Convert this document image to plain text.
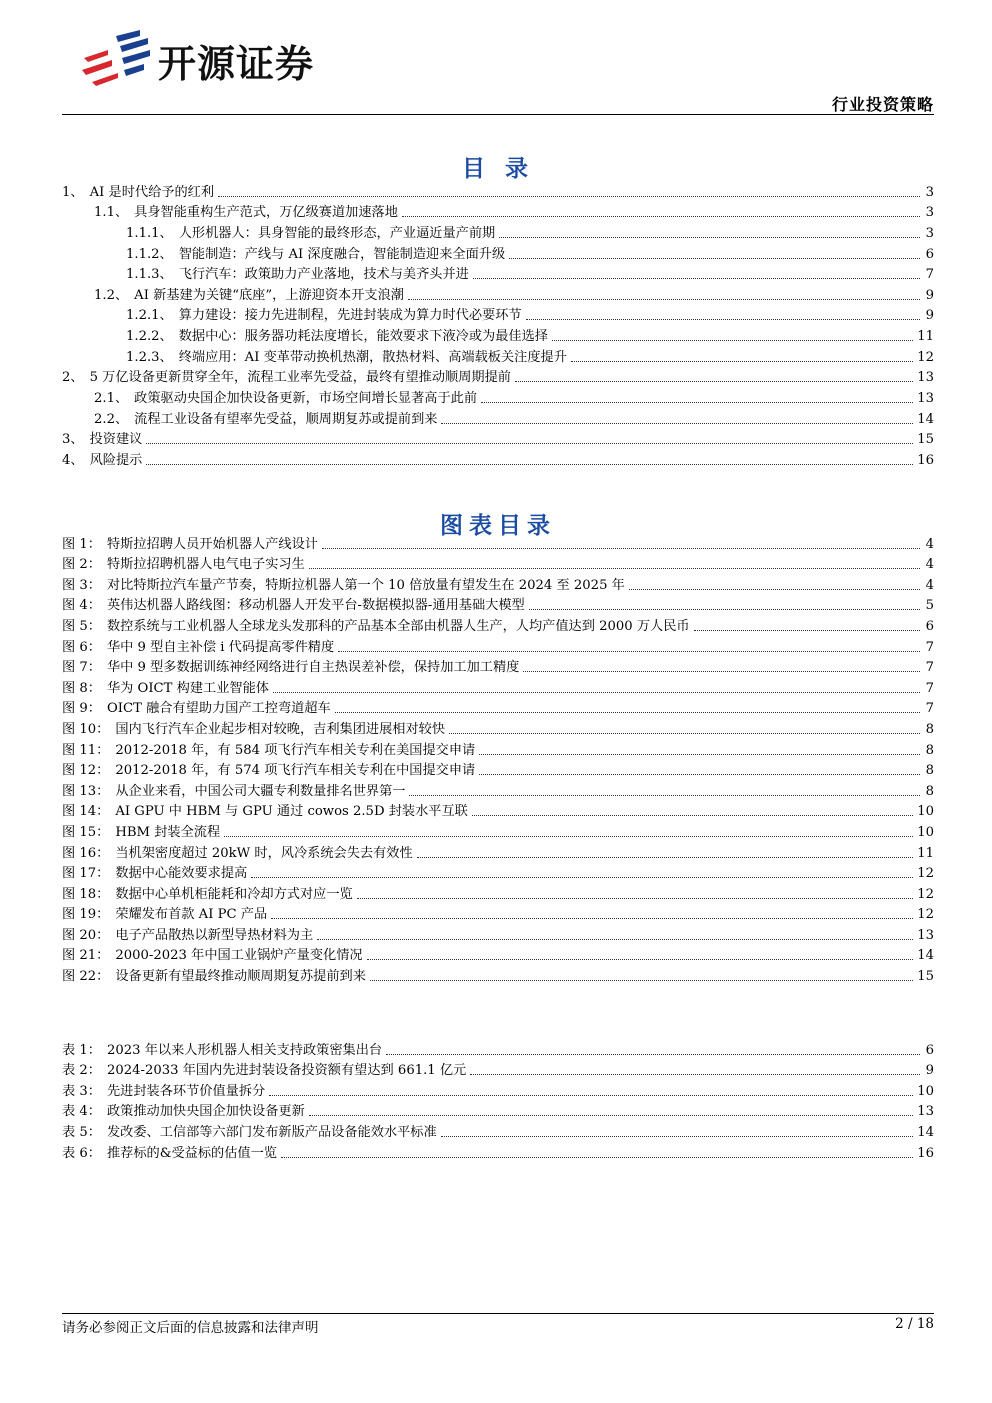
开源证券
行业投资策略
目 录
1、 AI 是时代给予的红利	3
1.1、 具身智能重构生产范式，万亿级赛道加速落地	3
1.1.1、 人形机器人：具身智能的最终形态，产业逼近量产前期	3
1.1.2、 智能制造：产线与 AI 深度融合，智能制造迎来全面升级	6
1.1.3、 飞行汽车：政策助力产业落地，技术与美齐头并进	7
1.2、 AI 新基建为关键“底座”，上游迎资本开支浪潮	9
1.2.1、 算力建设：接力先进制程，先进封装成为算力时代必要环节	9
1.2.2、 数据中心：服务器功耗法度增长，能效要求下液冷或为最佳选择	11
1.2.3、 终端应用：AI 变革带动换机热潮，散热材料、高端载板关注度提升	12
2、 5 万亿设备更新贯穿全年，流程工业率先受益，最终有望推动顺周期提前	13
2.1、 政策驱动央国企加快设备更新，市场空间增长显著高于此前	13
2.2、 流程工业设备有望率先受益，顺周期复苏或提前到来	14
3、 投资建议	15
4、 风险提示	16
图表目录
图 1： 特斯拉招聘人员开始机器人产线设计	4
图 2： 特斯拉招聘机器人电气电子实习生	4
图 3： 对比特斯拉汽车量产节奏，特斯拉机器人第一个 10 倍放量有望发生在 2024 至 2025 年	4
图 4： 英伟达机器人路线图：移动机器人开发平台-数据模拟器-通用基础大模型	5
图 5： 数控系统与工业机器人全球龙头发那科的产品基本全部由机器人生产，人均产值达到 2000 万人民币	6
图 6： 华中 9 型自主补偿 i 代码提高零件精度	7
图 7： 华中 9 型多数据训练神经网络进行自主热误差补偿，保持加工加工精度	7
图 8： 华为 OICT 构建工业智能体	7
图 9： OICT 融合有望助力国产工控弯道超车	7
图 10： 国内飞行汽车企业起步相对较晚，吉利集团进展相对较快	8
图 11： 2012-2018 年，有 584 项飞行汽车相关专利在美国提交申请	8
图 12： 2012-2018 年，有 574 项飞行汽车相关专利在中国提交申请	8
图 13： 从企业来看，中国公司大疆专利数量排名世界第一	8
图 14： AI GPU 中 HBM 与 GPU 通过 cowos 2.5D 封装水平互联	10
图 15： HBM 封装全流程	10
图 16： 当机架密度超过 20kW 时，风冷系统会失去有效性	11
图 17： 数据中心能效要求提高	12
图 18： 数据中心单机柜能耗和冷却方式对应一览	12
图 19： 荣耀发布首款 AI PC 产品	12
图 20： 电子产品散热以新型导热材料为主	13
图 21： 2000-2023 年中国工业锅炉产量变化情况	14
图 22： 设备更新有望最终推动顺周期复苏提前到来	15
表 1： 2023 年以来人形机器人相关支持政策密集出台	6
表 2： 2024-2033 年国内先进封装设备投资额有望达到 661.1 亿元	9
表 3： 先进封装各环节价值量拆分	10
表 4： 政策推动加快央国企加快设备更新	13
表 5： 发改委、工信部等六部门发布新版产品设备能效水平标准	14
表 6： 推荐标的&受益标的估值一览	16
请务必参阅正文后面的信息披露和法律声明	2 / 18
